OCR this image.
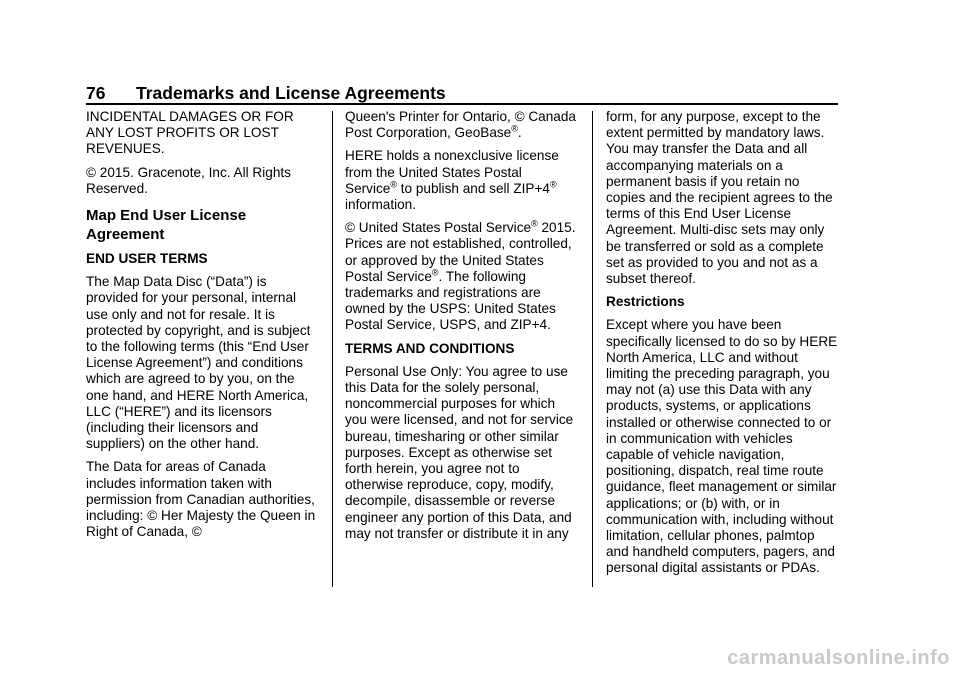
76 Trademarks and License Agreements

INCIDENTAL DAMAGES OR FOR ANY LOST PROFITS OR LOST REVENUES.

© 2015. Gracenote, Inc. All Rights Reserved.

Map End User License Agreement
END USER TERMS

The Map Data Disc (“Data”) is provided for your personal, internal use only and not for resale. It is protected by copyright, and is subject to the following terms (this “End User License Agreement”) and conditions which are agreed to by you, on the one hand, and HERE North America, LLC (“HERE”) and its licensors (including their licensors and suppliers) on the other hand.

The Data for areas of Canada includes information taken with permission from Canadian authorities, including: © Her Majesty the Queen in Right of Canada, ©

Queen's Printer for Ontario, © Canada Post Corporation, GeoBase®.

HERE holds a nonexclusive license from the United States Postal Service® to publish and sell ZIP+4® information.

© United States Postal Service® 2015. Prices are not established, controlled, or approved by the United States Postal Service®. The following trademarks and registrations are owned by the USPS: United States Postal Service, USPS, and ZIP+4.

TERMS AND CONDITIONS

Personal Use Only: You agree to use this Data for the solely personal, noncommercial purposes for which you were licensed, and not for service bureau, timesharing or other similar purposes. Except as otherwise set forth herein, you agree not to otherwise reproduce, copy, modify, decompile, disassemble or reverse engineer any portion of this Data, and may not transfer or distribute it in any

form, for any purpose, except to the extent permitted by mandatory laws. You may transfer the Data and all accompanying materials on a permanent basis if you retain no copies and the recipient agrees to the terms of this End User License Agreement. Multi-disc sets may only be transferred or sold as a complete set as provided to you and not as a subset thereof.

Restrictions

Except where you have been specifically licensed to do so by HERE North America, LLC and without limiting the preceding paragraph, you may not (a) use this Data with any products, systems, or applications installed or otherwise connected to or in communication with vehicles capable of vehicle navigation, positioning, dispatch, real time route guidance, fleet management or similar applications; or (b) with, or in communication with, including without limitation, cellular phones, palmtop and handheld computers, pagers, and personal digital assistants or PDAs.

carmanualsonline.info
